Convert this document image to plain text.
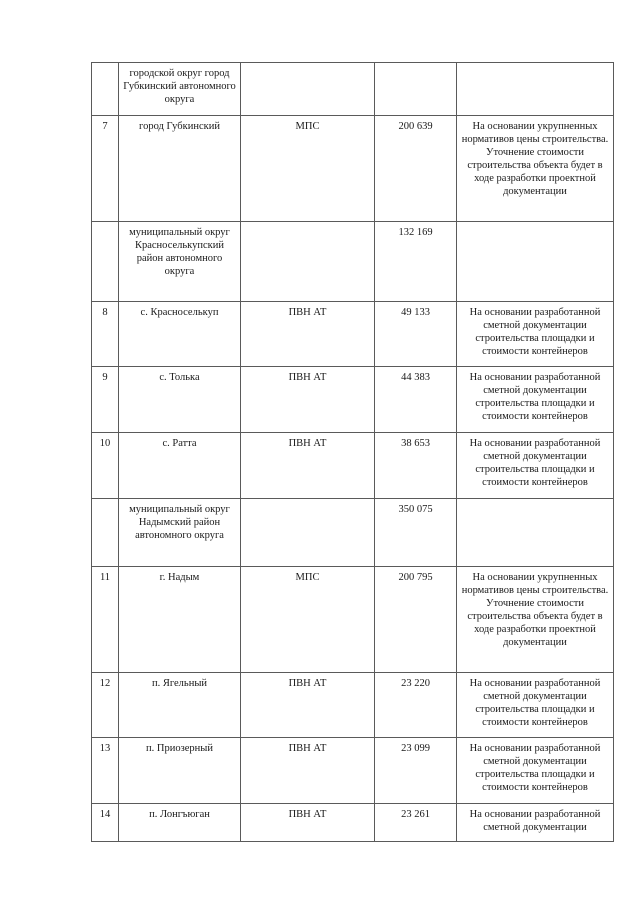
	городской округ город Губкинский автономного округа			
7	город Губкинский	МПС	200 639	На основании укрупненных нормативов цены строительства. Уточнение стоимости строительства объекта будет в ходе разработки проектной документации
	муниципальный округ Красноселькупский район автономного округа		132 169	
8	с. Красноселькуп	ПВН АТ	49 133	На основании разработанной сметной документации строительства площадки и стоимости контейнеров
9	с. Толька	ПВН АТ	44 383	На основании разработанной сметной документации строительства площадки и стоимости контейнеров
10	с. Ратта	ПВН АТ	38 653	На основании разработанной сметной документации строительства площадки и стоимости контейнеров
	муниципальный округ Надымский район автономного округа		350 075	
11	г. Надым	МПС	200 795	На основании укрупненных нормативов цены строительства. Уточнение стоимости строительства объекта будет в ходе разработки проектной документации
12	п. Ягельный	ПВН АТ	23 220	На основании разработанной сметной документации строительства площадки и стоимости контейнеров
13	п. Приозерный	ПВН АТ	23 099	На основании разработанной сметной документации строительства площадки и стоимости контейнеров
14	п. Лонгъюган	ПВН АТ	23 261	На основании разработанной сметной документации
